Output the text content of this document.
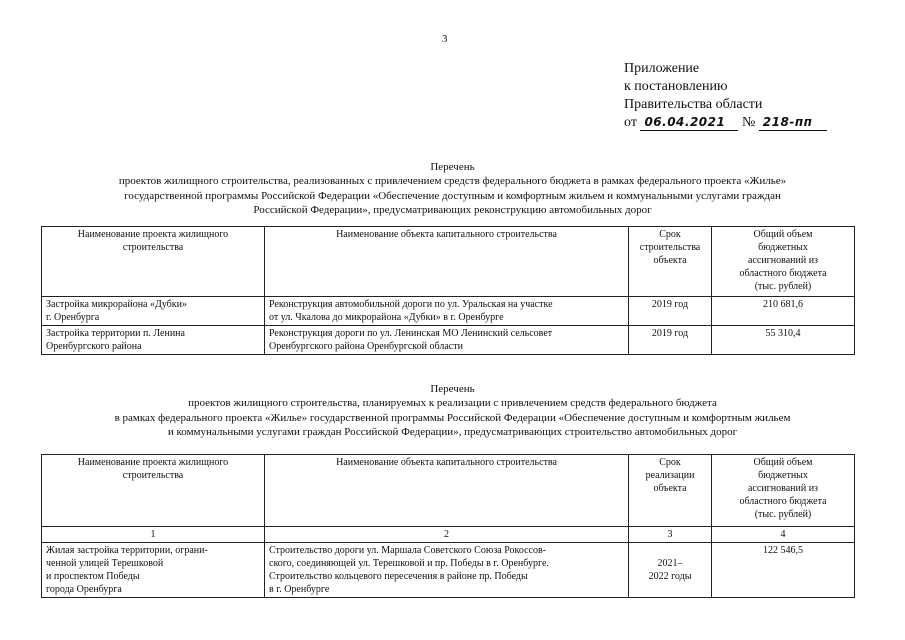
3
Приложение
к постановлению
Правительства области
от 06.04.2021 № 218-пп
Перечень
проектов жилищного строительства, реализованных с привлечением средств федерального бюджета в рамках федерального проекта «Жилье»
государственной программы Российской Федерации «Обеспечение доступным и комфортным жильем и коммунальными услугами граждан
Российской Федерации», предусматривающих реконструкцию автомобильных дорог
Наименование проекта жилищного
строительства	Наименование объекта капитального строительства	Срок
строительства
объекта	Общий объем
бюджетных
ассигнований из
областного бюджета
(тыс. рублей)

Застройка микрорайона «Дубки»
г. Оренбурга	Реконструкция автомобильной дороги по ул. Уральская на участке
от ул. Чкалова до микрорайона «Дубки» в г. Оренбурге	2019 год	210 681,6

Застройка территории п. Ленина
Оренбургского района	Реконструкция дороги по ул. Ленинская МО Ленинский сельсовет
Оренбургского района Оренбургской области	2019 год	55 310,4
Перечень
проектов жилищного строительства, планируемых к реализации с привлечением средств федерального бюджета
в рамках федерального проекта «Жилье» государственной программы Российской Федерации «Обеспечение доступным и комфортным жильем
и коммунальными услугами граждан Российской Федерации», предусматривающих строительство автомобильных дорог
Наименование проекта жилищного
строительства	Наименование объекта капитального строительства	Срок
реализации
объекта	Общий объем
бюджетных
ассигнований из
областного бюджета
(тыс. рублей)

1	2	3	4

Жилая застройка территории, ограни-
ченной улицей Терешковой
и проспектом Победы
города Оренбурга	Строительство дороги ул. Маршала Советского Союза Рокоссов-
ского, соединяющей ул. Терешковой и пр. Победы в г. Оренбурге.
Строительство кольцевого пересечения в районе пр. Победы
в г. Оренбурге	2021–
2022 годы	122 546,5
